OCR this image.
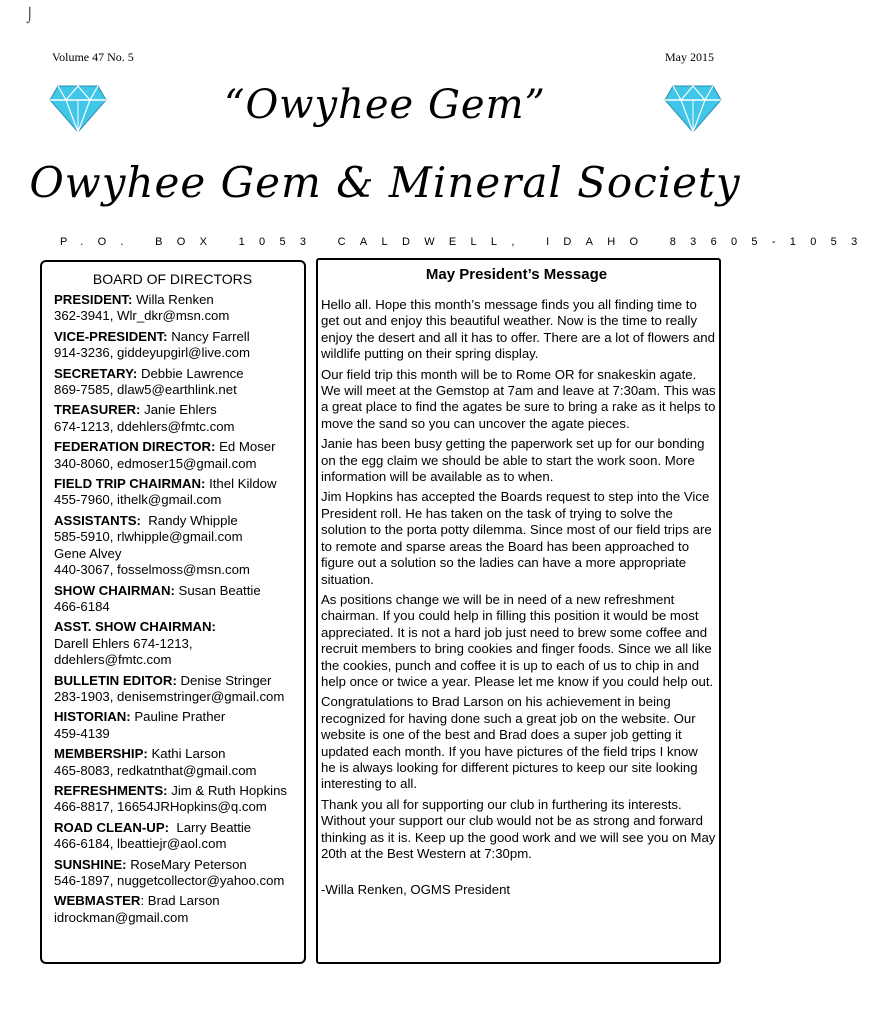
⌡
Volume 47 No. 5	May 2015
“Owyhee Gem”
Owyhee Gem & Mineral Society
P.O. BOX 1053 CALDWELL, IDAHO 83605-1053
BOARD OF DIRECTORS
PRESIDENT: Willa Renken
362-3941, Wlr_dkr@msn.com
VICE-PRESIDENT: Nancy Farrell
914-3236, giddeyupgirl@live.com
SECRETARY: Debbie Lawrence
869-7585, dlaw5@earthlink.net
TREASURER: Janie Ehlers
674-1213, ddehlers@fmtc.com
FEDERATION DIRECTOR: Ed Moser
340-8060, edmoser15@gmail.com
FIELD TRIP CHAIRMAN: Ithel Kildow
455-7960, ithelk@gmail.com
ASSISTANTS:  Randy Whipple
585-5910, rlwhipple@gmail.com
Gene Alvey
440-3067, fosselmoss@msn.com
SHOW CHAIRMAN: Susan Beattie
466-6184
ASST. SHOW CHAIRMAN:
Darell Ehlers 674-1213,
ddehlers@fmtc.com
BULLETIN EDITOR: Denise Stringer
283-1903, denisemstringer@gmail.com
HISTORIAN: Pauline Prather
459-4139
MEMBERSHIP: Kathi Larson
465-8083, redkatnthat@gmail.com
REFRESHMENTS: Jim & Ruth Hopkins
466-8817, 16654JRHopkins@q.com
ROAD CLEAN-UP:  Larry Beattie
466-6184, lbeattiejr@aol.com
SUNSHINE: RoseMary Peterson
546-1897, nuggetcollector@yahoo.com
WEBMASTER: Brad Larson
idrockman@gmail.com
May President’s Message

Hello all. Hope this month’s message finds you all finding time to get out and enjoy this beautiful weather. Now is the time to really enjoy the desert and all it has to offer. There are a lot of flowers and wildlife putting on their spring display.

Our field trip this month will be to Rome OR for snakeskin agate. We will meet at the Gemstop at 7am and leave at 7:30am. This was a great place to find the agates be sure to bring a rake as it helps to move the sand so you can uncover the agate pieces.

Janie has been busy getting the paperwork set up for our bonding on the egg claim we should be able to start the work soon. More information will be available as to when.

Jim Hopkins has accepted the Boards request to step into the Vice President roll. He has taken on the task of trying to solve the solution to the porta potty dilemma. Since most of our field trips are to remote and sparse areas the Board has been approached to figure out a solution so the ladies can have a more appropriate situation.

As positions change we will be in need of a new refreshment chairman. If you could help in filling this position it would be most appreciated. It is not a hard job just need to brew some coffee and recruit members to bring cookies and finger foods. Since we all like the cookies, punch and coffee it is up to each of us to chip in and help once or twice a year. Please let me know if you could help out.

Congratulations to Brad Larson on his achievement in being recognized for having done such a great job on the website. Our website is one of the best and Brad does a super job getting it updated each month. If you have pictures of the field trips I know he is always looking for different pictures to keep our site looking interesting to all.

Thank you all for supporting our club in furthering its interests. Without your support our club would not be as strong and forward thinking as it is. Keep up the good work and we will see you on May 20th at the Best Western at 7:30pm.

-Willa Renken, OGMS President
